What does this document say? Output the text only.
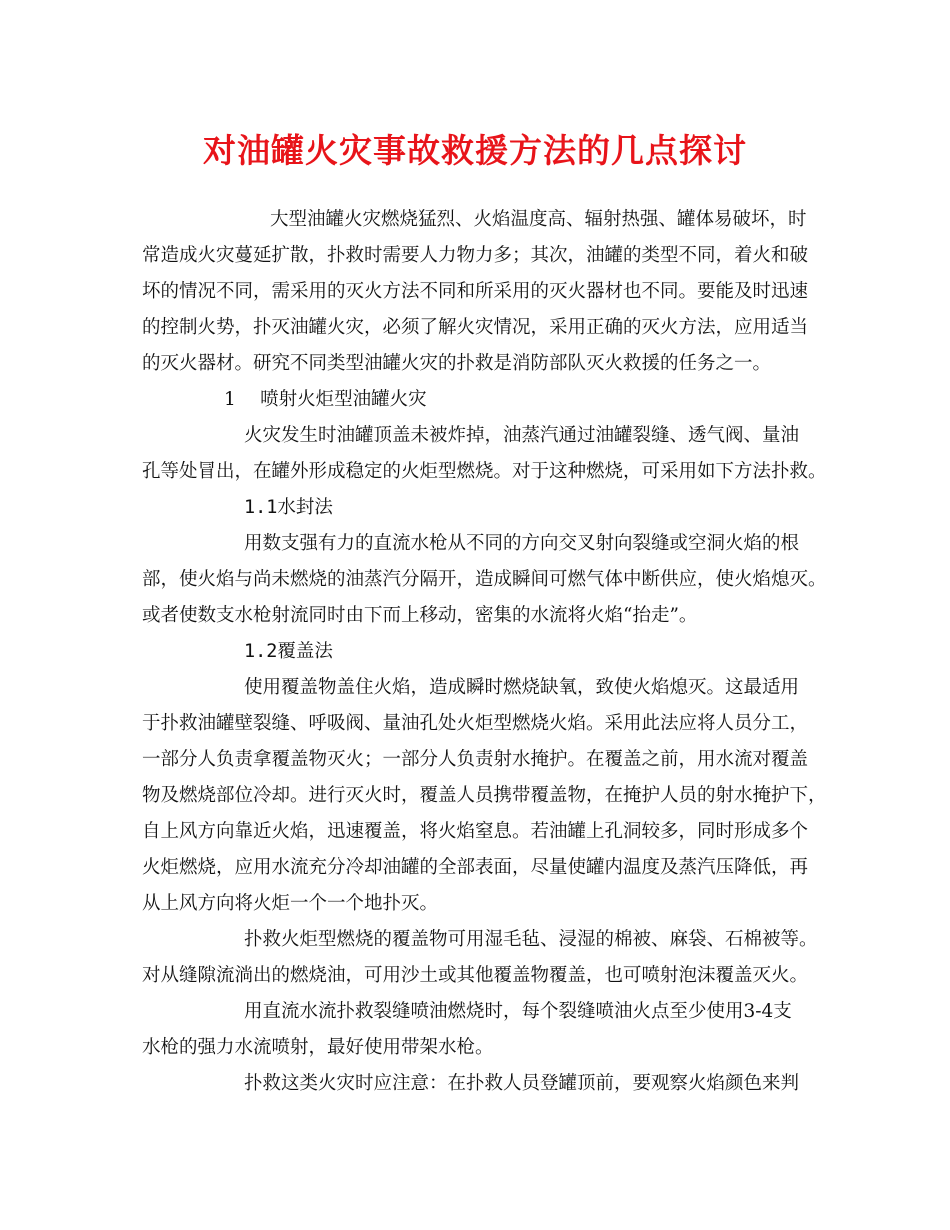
对油罐火灾事故救援方法的几点探讨
大型油罐火灾燃烧猛烈、火焰温度高、辐射热强、罐体易破坏，时
常造成火灾蔓延扩散，扑救时需要人力物力多；其次，油罐的类型不同，着火和破
坏的情况不同，需采用的灭火方法不同和所采用的灭火器材也不同。要能及时迅速
的控制火势，扑灭油罐火灾，必须了解火灾情况，采用正确的灭火方法，应用适当
的灭火器材。研究不同类型油罐火灾的扑救是消防部队灭火救援的任务之一。
1　 喷射火炬型油罐火灾
火灾发生时油罐顶盖未被炸掉，油蒸汽通过油罐裂缝、透气阀、量油
孔等处冒出，在罐外形成稳定的火炬型燃烧。对于这种燃烧，可采用如下方法扑救。
1.1水封法
用数支强有力的直流水枪从不同的方向交叉射向裂缝或空洞火焰的根
部，使火焰与尚未燃烧的油蒸汽分隔开，造成瞬间可燃气体中断供应，使火焰熄灭。
或者使数支水枪射流同时由下而上移动，密集的水流将火焰“抬走”。
1.2覆盖法
使用覆盖物盖住火焰，造成瞬时燃烧缺氧，致使火焰熄灭。这最适用
于扑救油罐壁裂缝、呼吸阀、量油孔处火炬型燃烧火焰。采用此法应将人员分工，
一部分人负责拿覆盖物灭火；一部分人负责射水掩护。在覆盖之前，用水流对覆盖
物及燃烧部位冷却。进行灭火时，覆盖人员携带覆盖物，在掩护人员的射水掩护下，
自上风方向靠近火焰，迅速覆盖，将火焰窒息。若油罐上孔洞较多，同时形成多个
火炬燃烧，应用水流充分冷却油罐的全部表面，尽量使罐内温度及蒸汽压降低，再
从上风方向将火炬一个一个地扑灭。
扑救火炬型燃烧的覆盖物可用湿毛毡、浸湿的棉被、麻袋、石棉被等。
对从缝隙流淌出的燃烧油，可用沙土或其他覆盖物覆盖，也可喷射泡沫覆盖灭火。
用直流水流扑救裂缝喷油燃烧时，每个裂缝喷油火点至少使用3-4支
水枪的强力水流喷射，最好使用带架水枪。
扑救这类火灾时应注意：在扑救人员登罐顶前，要观察火焰颜色来判
